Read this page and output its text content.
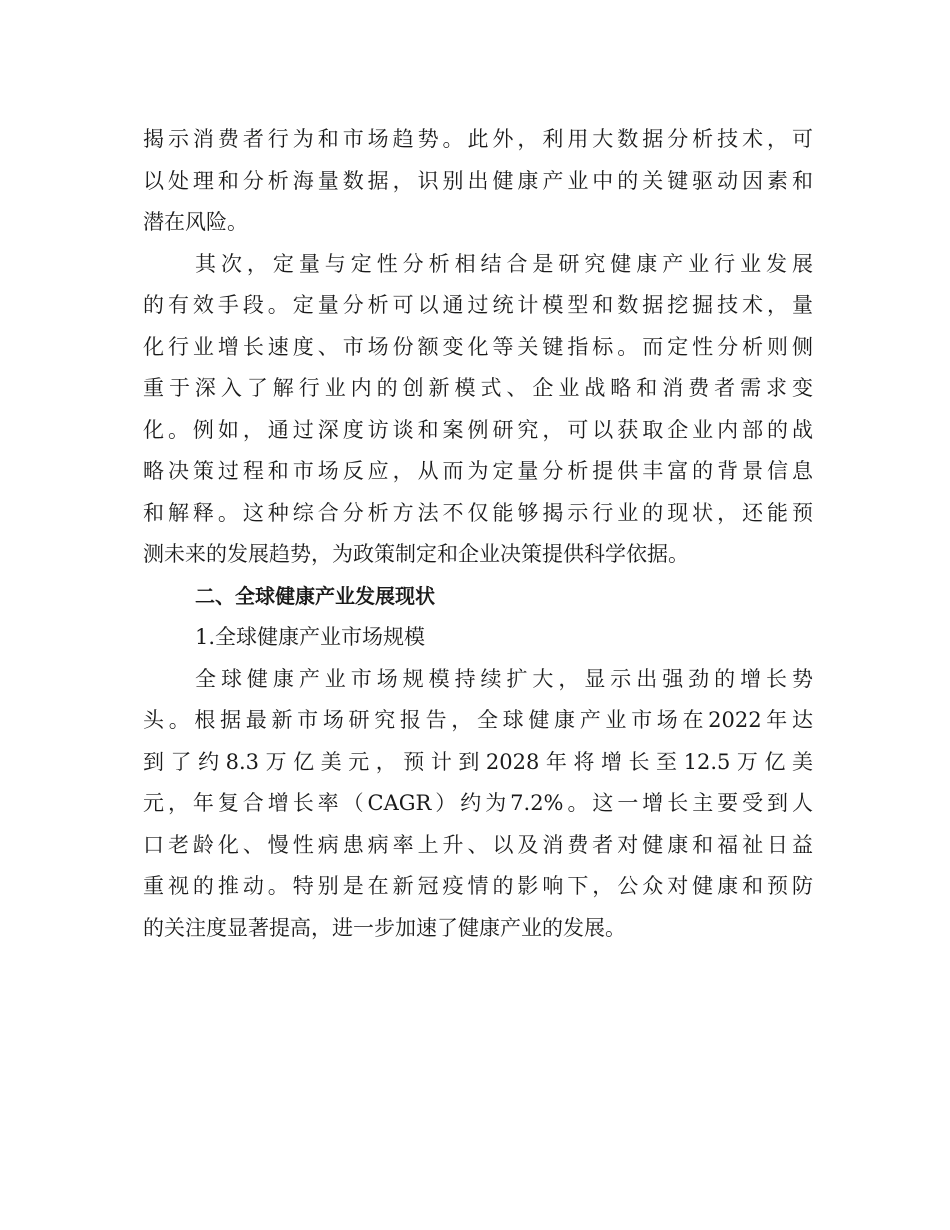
揭示消费者行为和市场趋势。此外，利用大数据分析技术，可
以处理和分析海量数据，识别出健康产业中的关键驱动因素和
潜在风险。
其次，定量与定性分析相结合是研究健康产业行业发展
的有效手段。定量分析可以通过统计模型和数据挖掘技术，量
化行业增长速度、市场份额变化等关键指标。而定性分析则侧
重于深入了解行业内的创新模式、企业战略和消费者需求变
化。例如，通过深度访谈和案例研究，可以获取企业内部的战
略决策过程和市场反应，从而为定量分析提供丰富的背景信息
和解释。这种综合分析方法不仅能够揭示行业的现状，还能预
测未来的发展趋势，为政策制定和企业决策提供科学依据。
二、全球健康产业发展现状
1.全球健康产业市场规模
全球健康产业市场规模持续扩大，显示出强劲的增长势
头。根据最新市场研究报告，全球健康产业市场在2022年达
到了约8.3万亿美元，预计到2028年将增长至12.5万亿美
元，年复合增长率（CAGR）约为7.2%。这一增长主要受到人
口老龄化、慢性病患病率上升、以及消费者对健康和福祉日益
重视的推动。特别是在新冠疫情的影响下，公众对健康和预防
的关注度显著提高，进一步加速了健康产业的发展。
